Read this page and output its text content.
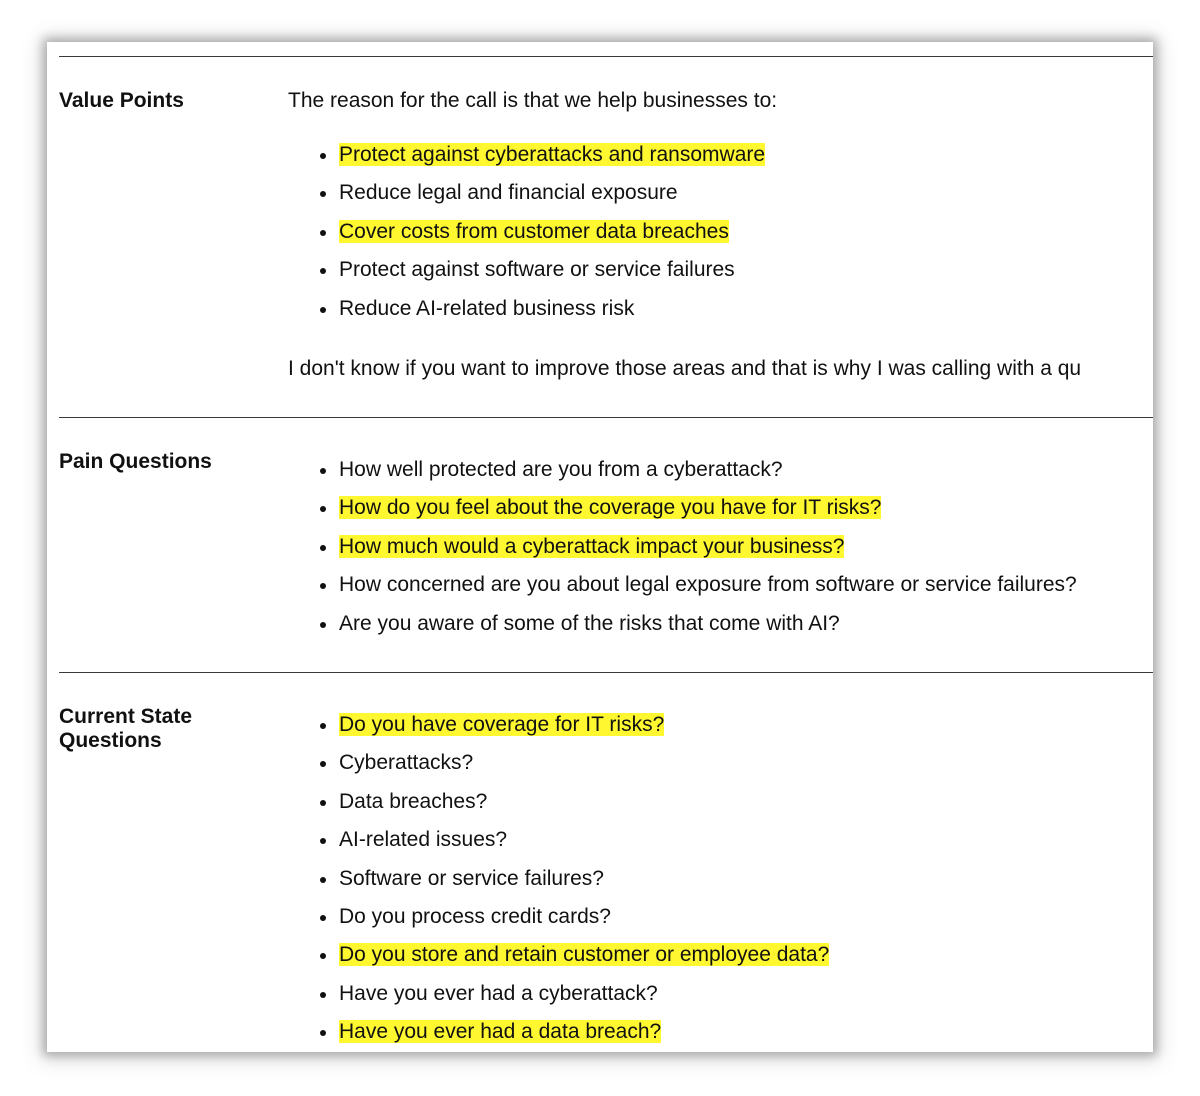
Value Points	The reason for the call is that we help businesses to:
Protect against cyberattacks and ransomware
Reduce legal and financial exposure
Cover costs from customer data breaches
Protect against software or service failures
Reduce AI-related business risk
I don't know if you want to improve those areas and that is why I was calling with a qu
Pain Questions	How well protected are you from a cyberattack?
How do you feel about the coverage you have for IT risks?
How much would a cyberattack impact your business?
How concerned are you about legal exposure from software or service failures?
Are you aware of some of the risks that come with AI?
Current State
Questions
Do you have coverage for IT risks?
Cyberattacks?
Data breaches?
AI-related issues?
Software or service failures?
Do you process credit cards?
Do you store and retain customer or employee data?
Have you ever had a cyberattack?
Have you ever had a data breach?
